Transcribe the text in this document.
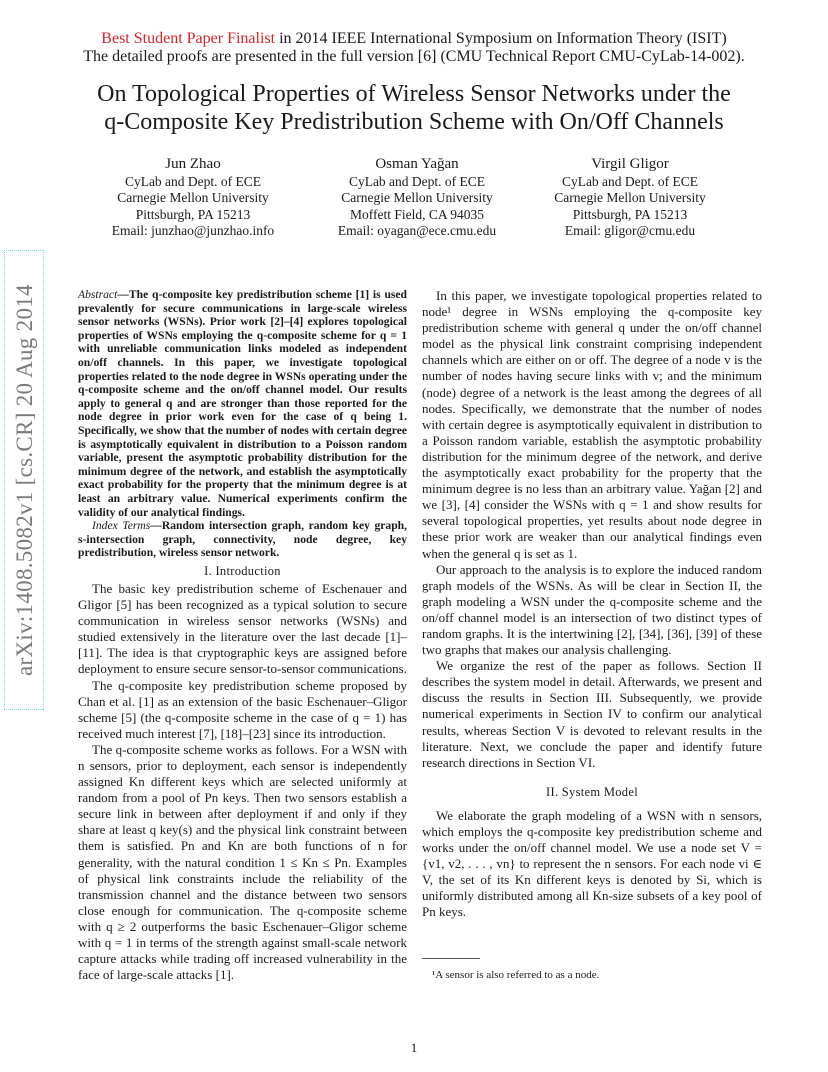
Best Student Paper Finalist in 2014 IEEE International Symposium on Information Theory (ISIT)
The detailed proofs are presented in the full version [6] (CMU Technical Report CMU-CyLab-14-002).
On Topological Properties of Wireless Sensor Networks under the
q-Composite Key Predistribution Scheme with On/Off Channels
Jun Zhao
CyLab and Dept. of ECE
Carnegie Mellon University
Pittsburgh, PA 15213
Email: junzhao@junzhao.info
Osman Yağan
CyLab and Dept. of ECE
Carnegie Mellon University
Moffett Field, CA 94035
Email: oyagan@ece.cmu.edu
Virgil Gligor
CyLab and Dept. of ECE
Carnegie Mellon University
Pittsburgh, PA 15213
Email: gligor@cmu.edu
arXiv:1408.5082v1 [cs.CR] 20 Aug 2014	Abstract—The q-composite key predistribution scheme [1] is used prevalently for secure communications in large-scale wireless sensor networks (WSNs). Prior work [2]–[4] explores topological properties of WSNs employing the q-composite scheme for q = 1 with unreliable communication links modeled as independent on/off channels. In this paper, we investigate topological properties related to the node degree in WSNs operating under the q-composite scheme and the on/off channel model. Our results apply to general q and are stronger than those reported for the node degree in prior work even for the case of q being 1. Specifically, we show that the number of nodes with certain degree is asymptotically equivalent in distribution to a Poisson random variable, present the asymptotic probability distribution for the minimum degree of the network, and establish the asymptotically exact probability for the property that the minimum degree is at least an arbitrary value. Numerical experiments confirm the validity of our analytical findings.

Index Terms—Random intersection graph, random key graph, s-intersection graph, connectivity, node degree, key predistribution, wireless sensor network.

I. Introduction

The basic key predistribution scheme of Eschenauer and Gligor [5] has been recognized as a typical solution to secure communication in wireless sensor networks (WSNs) and studied extensively in the literature over the last decade [1]–[11]. The idea is that cryptographic keys are assigned before deployment to ensure secure sensor-to-sensor communications.

The q-composite key predistribution scheme proposed by Chan et al. [1] as an extension of the basic Eschenauer–Gligor scheme [5] (the q-composite scheme in the case of q = 1) has received much interest [7], [18]–[23] since its introduction.

The q-composite scheme works as follows. For a WSN with n sensors, prior to deployment, each sensor is independently assigned Kn different keys which are selected uniformly at random from a pool of Pn keys. Then two sensors establish a secure link in between after deployment if and only if they share at least q key(s) and the physical link constraint between them is satisfied. Pn and Kn are both functions of n for generality, with the natural condition 1 ≤ Kn ≤ Pn. Examples of physical link constraints include the reliability of the transmission channel and the distance between two sensors close enough for communication. The q-composite scheme with q ≥ 2 outperforms the basic Eschenauer–Gligor scheme with q = 1 in terms of the strength against small-scale network capture attacks while trading off increased vulnerability in the face of large-scale attacks [1].

In this paper, we investigate topological properties related to node¹ degree in WSNs employing the q-composite key predistribution scheme with general q under the on/off channel model as the physical link constraint comprising independent channels which are either on or off. The degree of a node v is the number of nodes having secure links with v; and the minimum (node) degree of a network is the least among the degrees of all nodes. Specifically, we demonstrate that the number of nodes with certain degree is asymptotically equivalent in distribution to a Poisson random variable, establish the asymptotic probability distribution for the minimum degree of the network, and derive the asymptotically exact probability for the property that the minimum degree is no less than an arbitrary value. Yağan [2] and we [3], [4] consider the WSNs with q = 1 and show results for several topological properties, yet results about node degree in these prior work are weaker than our analytical findings even when the general q is set as 1.

Our approach to the analysis is to explore the induced random graph models of the WSNs. As will be clear in Section II, the graph modeling a WSN under the q-composite scheme and the on/off channel model is an intersection of two distinct types of random graphs. It is the intertwining [2], [34], [36], [39] of these two graphs that makes our analysis challenging.

We organize the rest of the paper as follows. Section II describes the system model in detail. Afterwards, we present and discuss the results in Section III. Subsequently, we provide numerical experiments in Section IV to confirm our analytical results, whereas Section V is devoted to relevant results in the literature. Next, we conclude the paper and identify future research directions in Section VI.

II. System Model

We elaborate the graph modeling of a WSN with n sensors, which employs the q-composite key predistribution scheme and works under the on/off channel model. We use a node set V = {v1, v2, . . . , vn} to represent the n sensors. For each node vi ∈ V, the set of its Kn different keys is denoted by Si, which is uniformly distributed among all Kn-size subsets of a key pool of Pn keys.

¹A sensor is also referred to as a node.
1
